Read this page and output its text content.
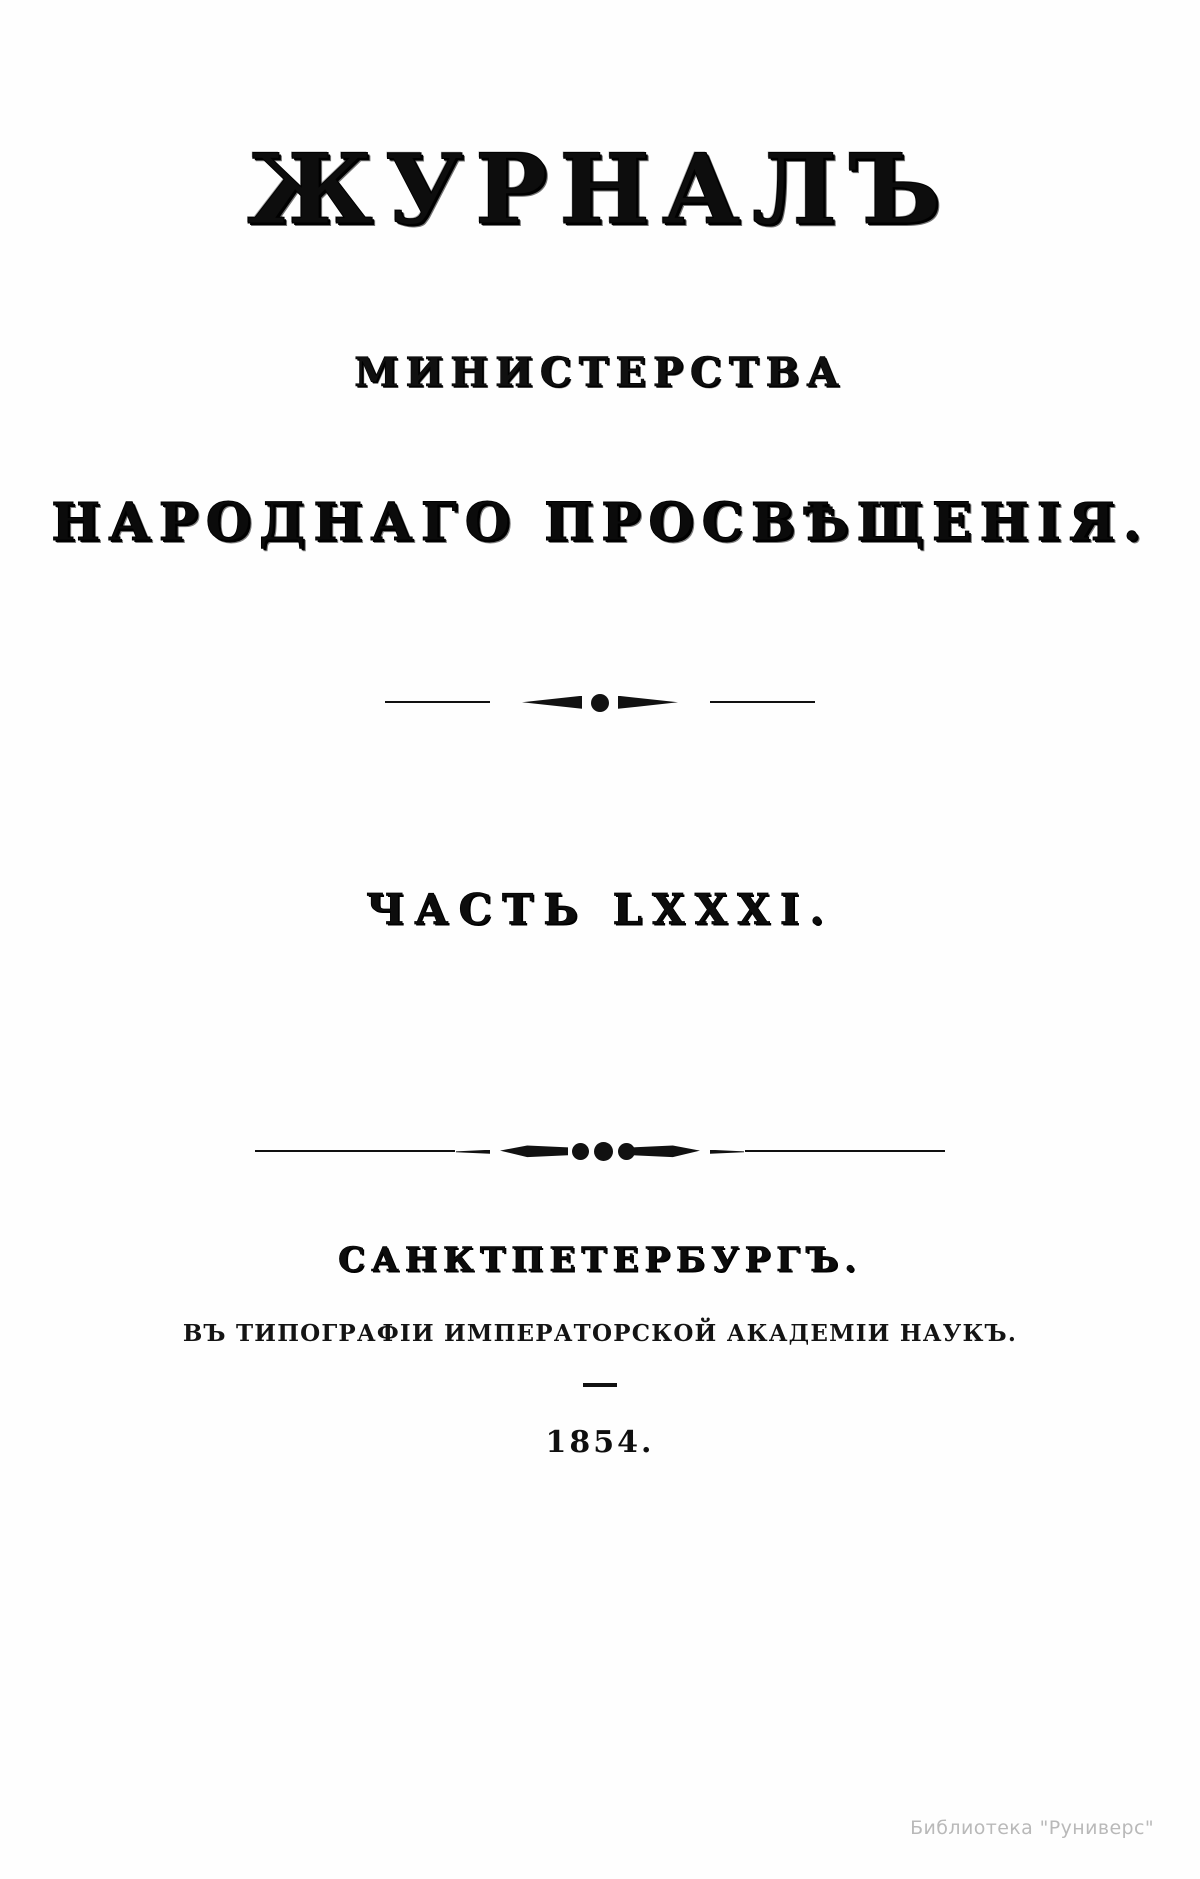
ЖУРНАЛЪ
МИНИСТЕРСТВА
НАРОДНАГО ПРОСВѢЩЕНІЯ.
ЧАСТЬ LXXXI.
САНКТПЕТЕРБУРГЪ.
ВЪ ТИПОГРАФІИ ИМПЕРАТОРСКОЙ АКАДЕМІИ НАУКЪ.
1854.
Библиотека "Руниверс"
